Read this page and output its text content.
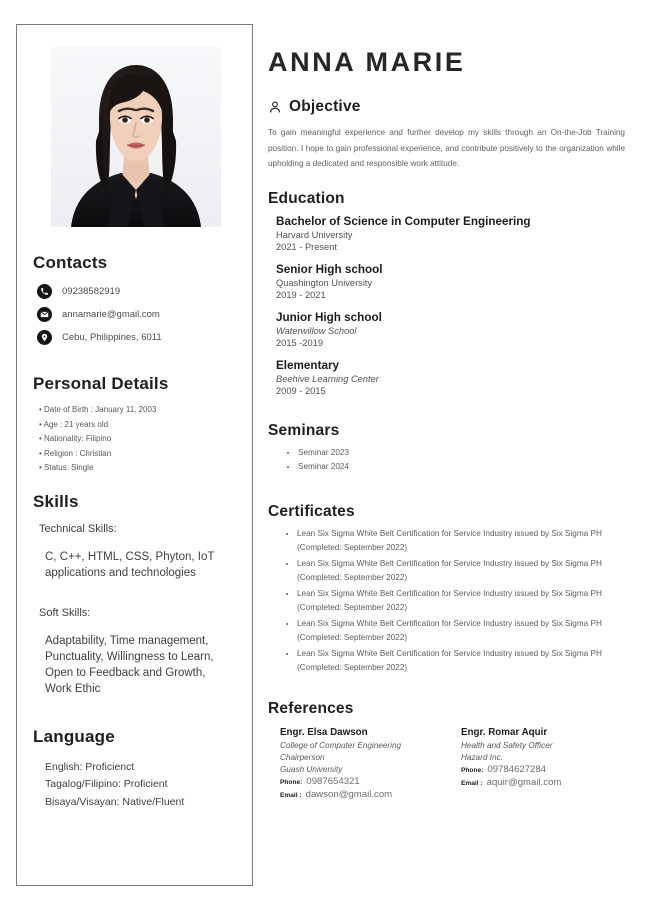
Contacts
09238582919
annamarie@gmail.com
Cebu, Philippines, 6011
Personal Details
• Date of Birth : January 11, 2003
• Age : 21 years old
• Nationality: Filipino
• Religion : Christian
• Status: Single
Skills
Technical Skills:
C, C++, HTML, CSS, Phyton, IoT applications and technologies
Soft Skills:
Adaptability, Time management, Punctuality, Willingness to Learn, Open to Feedback and Growth, Work Ethic
Language
English: Proficienct
Tagalog/Filipino: Proficient
Bisaya/Visayan: Native/Fluent
ANNA MARIE
Objective

To gain meaningful experience and further develop my skills through an On-the-Job Training position. I hope to gain professional experience, and contribute positively to the organization while upholding a dedicated and responsible work attitude.

Education
Bachelor of Science in Computer Engineering
Harvard University
2021 - Present
Senior High school
Quashington University
2019 - 2021
Junior High school
Waterwillow School
2015 -2019
Elementary
Beehive Learning Center
2009 - 2015
Seminars
• Seminar 2023
• Seminar 2024
Certificates
• Lean Six Sigma White Belt Certification for Service Industry issued by Six Sigma PH (Completed: September 2022)
• Lean Six Sigma White Belt Certification for Service Industry issued by Six Sigma PH (Completed: September 2022)
• Lean Six Sigma White Belt Certification for Service Industry issued by Six Sigma PH (Completed: September 2022)
• Lean Six Sigma White Belt Certification for Service Industry issued by Six Sigma PH (Completed: September 2022)
• Lean Six Sigma White Belt Certification for Service Industry issued by Six Sigma PH (Completed: September 2022)
References
Engr. Elsa Dawson
College of Computer Engineering
Chairperson
Guash University
Phone: 0987654321
Email : dawson@gmail.com
Engr. Romar Aquir
Health and Safety Officer
Hazard Inc.
Phone: 09784627284
Email : aquir@gmail.com
